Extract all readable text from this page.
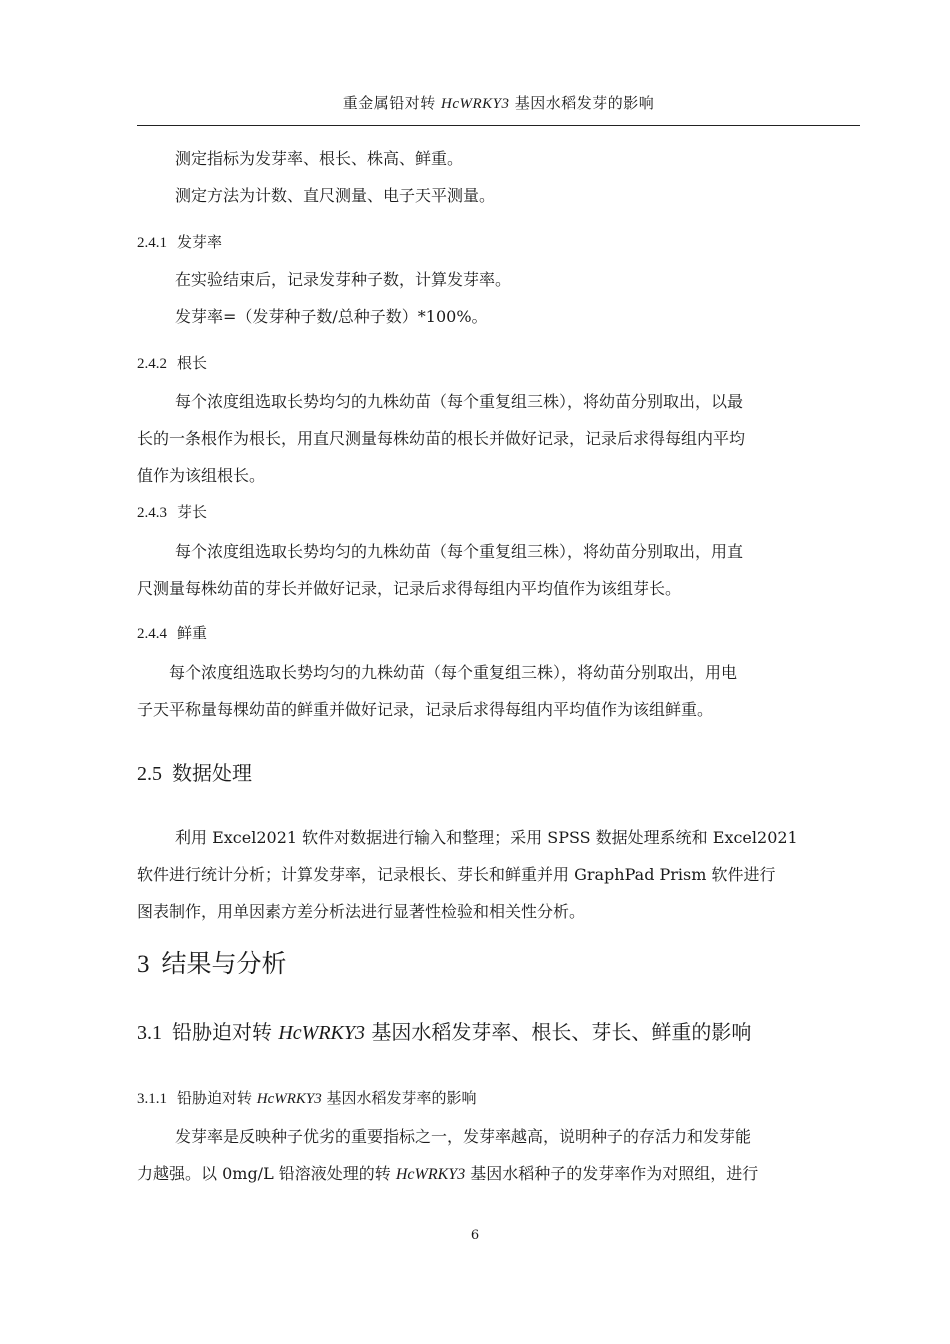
重金属铅对转 HcWRKY3 基因水稻发芽的影响
测定指标为发芽率、根长、株高、鲜重。
测定方法为计数、直尺测量、电子天平测量。
2.4.1 发芽率
在实验结束后，记录发芽种子数，计算发芽率。
发芽率=（发芽种子数/总种子数）*100%。
2.4.2 根长
每个浓度组选取长势均匀的九株幼苗（每个重复组三株），将幼苗分别取出，以最
长的一条根作为根长，用直尺测量每株幼苗的根长并做好记录，记录后求得每组内平均
值作为该组根长。
2.4.3 芽长
每个浓度组选取长势均匀的九株幼苗（每个重复组三株），将幼苗分别取出，用直
尺测量每株幼苗的芽长并做好记录，记录后求得每组内平均值作为该组芽长。
2.4.4 鲜重
每个浓度组选取长势均匀的九株幼苗（每个重复组三株），将幼苗分别取出，用电
子天平称量每棵幼苗的鲜重并做好记录，记录后求得每组内平均值作为该组鲜重。
2.5 数据处理
利用 Excel2021 软件对数据进行输入和整理；采用 SPSS 数据处理系统和 Excel2021
软件进行统计分析；计算发芽率，记录根长、芽长和鲜重并用 GraphPad Prism 软件进行
图表制作，用单因素方差分析法进行显著性检验和相关性分析。
3 结果与分析
3.1 铅胁迫对转 HcWRKY3 基因水稻发芽率、根长、芽长、鲜重的影响
3.1.1 铅胁迫对转 HcWRKY3 基因水稻发芽率的影响
发芽率是反映种子优劣的重要指标之一，发芽率越高，说明种子的存活力和发芽能
力越强。以 0mg/L 铅溶液处理的转 HcWRKY3 基因水稻种子的发芽率作为对照组，进行
6
